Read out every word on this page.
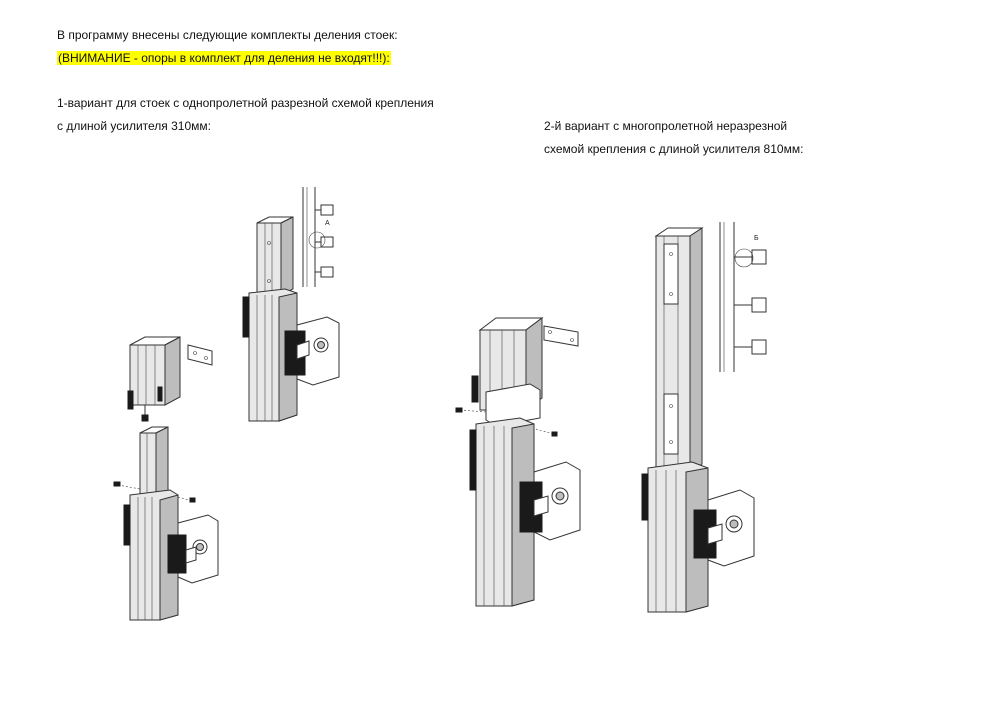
В программу внесены следующие комплекты деления стоек:
(ВНИМАНИЕ - опоры в комплект для деления не входят!!!):
1-вариант для стоек с однопролетной разрезной схемой крепления
с длиной усилителя 310мм:	2-й вариант с многопролетной неразрезной
схемой крепления с длиной усилителя 810мм:
А
Б
